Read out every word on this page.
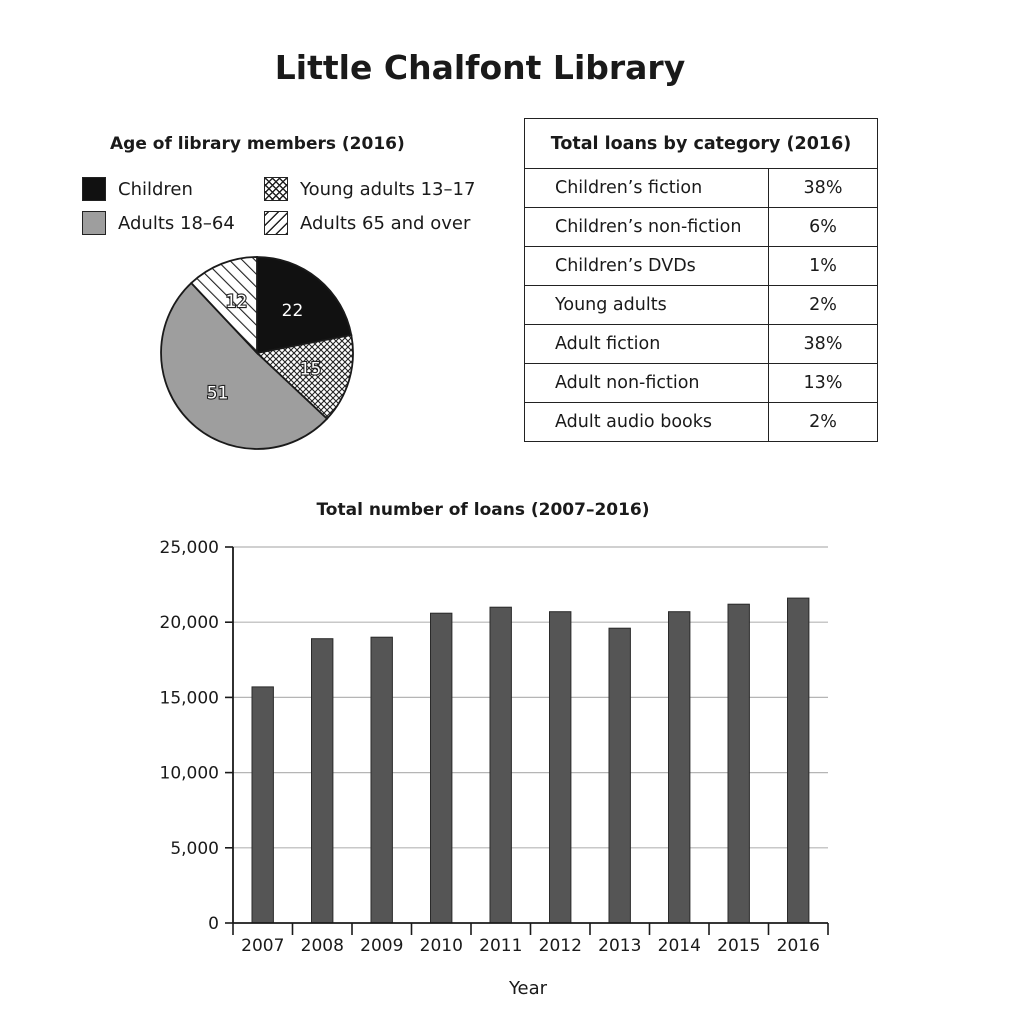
Little Chalfont Library
Age of library members (2016)
Children	Young adults 13–17
Adults 18–64	Adults 65 and over
22
15
51
12
Total loans by category (2016)	
Children’s fiction	38%
Children’s non-fiction	6%
Children’s DVDs	1%
Young adults	2%
Adult fiction	38%
Adult non-fiction	13%
Adult audio books	2%
Total number of loans (2007–2016)
Year
0
5,000
10,000
15,000
20,000
25,000
2007 2008 2009 2010 2011 2012 2013 2014 2015 2016
